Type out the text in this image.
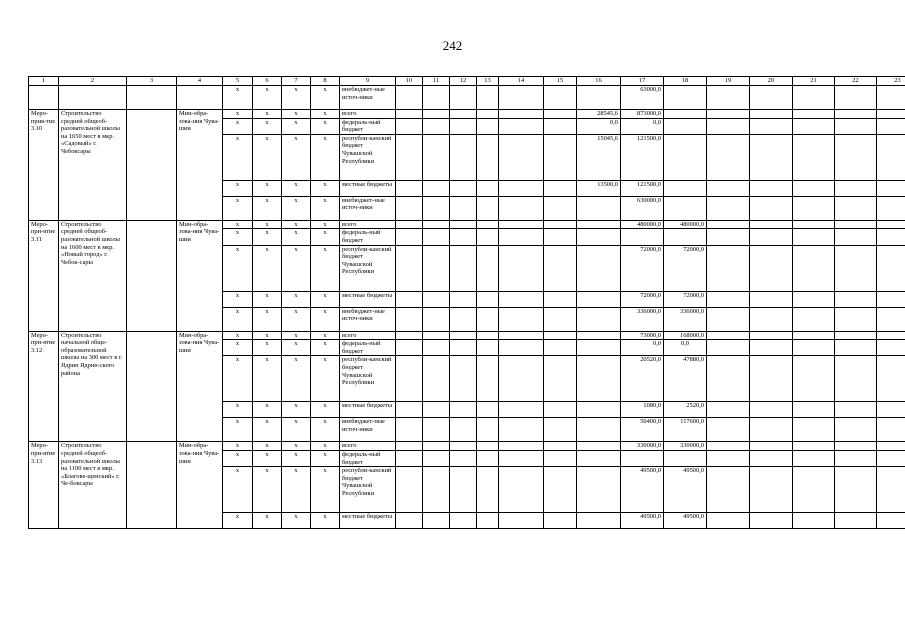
242
1	2	3	4	5	6	7	8	9	10	11	12	13	14	15	16	17	18	19	20	21	22	23
				x	x	x	x	внебюджет-ные источ-ники								63000,0						
Меро-прия-тие 3.10	Строительство средней общеоб-разовательной школы на 1650 мест в мкр. «Садовый» г. Чебоксары		Мин-обра-зова-ния Чува-шии	x	x	x	x	всего							28545,6	873000,0						
				x	x	x	x	федераль-ный бюджет							0,0	0,0						
				x	x	x	x	республи-канский бюджет Чувашской Республики							15045,6	121500,0						
				x	x	x	x	местные бюджеты							13500,0	121500,0						
				x	x	x	x	внебюджет-ные источ-ники								630000,0						
Меро-при-ятие 3.11	Строительство средней общеоб-разовательной школы на 1600 мест в мкр. «Новый город» г. Чебок-сары		Мин-обра-зова-ния Чува-шии	x	x	x	x	всего								480000,0	480000,0					
				x	x	x	x	федераль-ный бюджет														
				x	x	x	x	республи-канский бюджет Чувашской Республики								72000,0	72000,0					
				x	x	x	x	местные бюджеты								72000,0	72000,0					
				x	x	x	x	внебюджет-ные источ-ники								336000,0	336000,0					
Меро-при-ятие 3.12	Строительство начальной обще-образовательной школы на 300 мест в г. Ядрин Ядрин-ского района		Мин-обра-зова-ния Чува-шии	x	x	x	x	всего								73000,0	168000,0					
				x	x	x	x	федераль-ный бюджет								0,0	0,0					
				x	x	x	x	республи-канский бюджет Чувашской Республики								20520,0	47880,0					
				x	x	x	x	местные бюджеты								1080,0	2520,0					
				x	x	x	x	внебюджет-ные источ-ники								50400,0	117600,0					
Меро-при-ятие 3.13	Строительство средней общеоб-разовательной школы на 1100 мест в мкр. «Благове-щенский» г. Че-боксары		Мин-обра-зова-ния Чува-шии	x	x	x	x	всего								330000,0	330000,0					
				x	x	x	x	федераль-ный бюджет														
				x	x	x	x	республи-канский бюджет Чувашской Республики								49500,0	49500,0					
				x	x	x	x	местные бюджеты								49500,0	49500,0					
